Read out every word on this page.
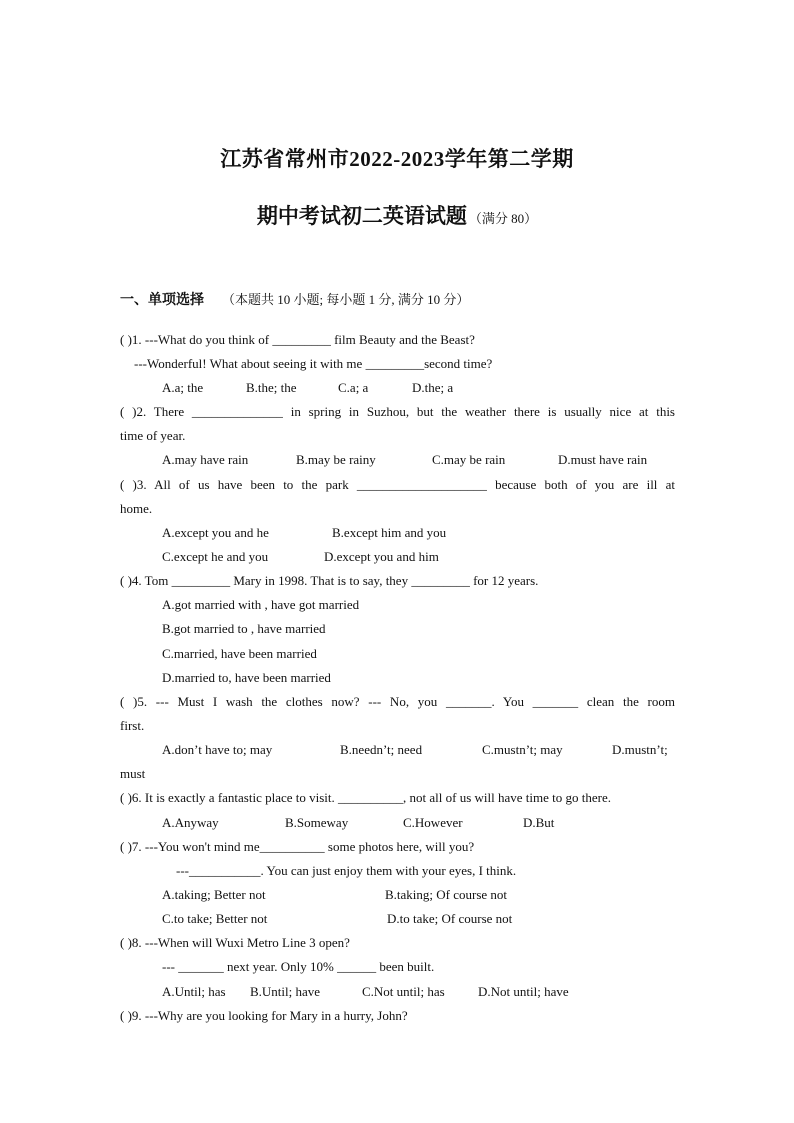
江苏省常州市2022-2023学年第二学期
期中考试初二英语试题 （满分 80）
一、单项选择 （本题共 10 小题; 每小题 1 分, 满分 10 分）
( )1. ---What do you think of _________ film Beauty and the Beast?
---Wonderful! What about seeing it with me _________second time?
A.a; the	B.the; the	C.a; a	D.the; a
( )2. There ______________ in spring in Suzhou, but the weather there is usually nice at this
time of year.
A.may have rain	B.may be rainy	C.may be rain	D.must have rain
( )3. All of us have been to the park ____________________ because both of you are ill at
home.
A.except you and he	B.except him and you
C.except he and you	D.except you and him
( )4. Tom _________ Mary in 1998. That is to say, they _________ for 12 years.
A.got married with , have got married
B.got married to , have married
C.married, have been married
D.married to, have been married
( )5. --- Must I wash the clothes now? --- No, you _______. You _______ clean the room
first.
A.don’t have to; may	B.needn’t; need	C.mustn’t; may	D.mustn’t;
must
( )6. It is exactly a fantastic place to visit. __________, not all of us will have time to go there.
A.Anyway	B.Someway	C.However	D.But
( )7. ---You won't mind me__________ some photos here, will you?
---___________. You can just enjoy them with your eyes, I think.
A.taking; Better not	B.taking; Of course not
C.to take; Better not	D.to take; Of course not
( )8. ---When will Wuxi Metro Line 3 open?
--- _______ next year. Only 10% ______ been built.
A.Until; has B.Until; have	C.Not until; has	D.Not until; have
( )9. ---Why are you looking for Mary in a hurry, John?
